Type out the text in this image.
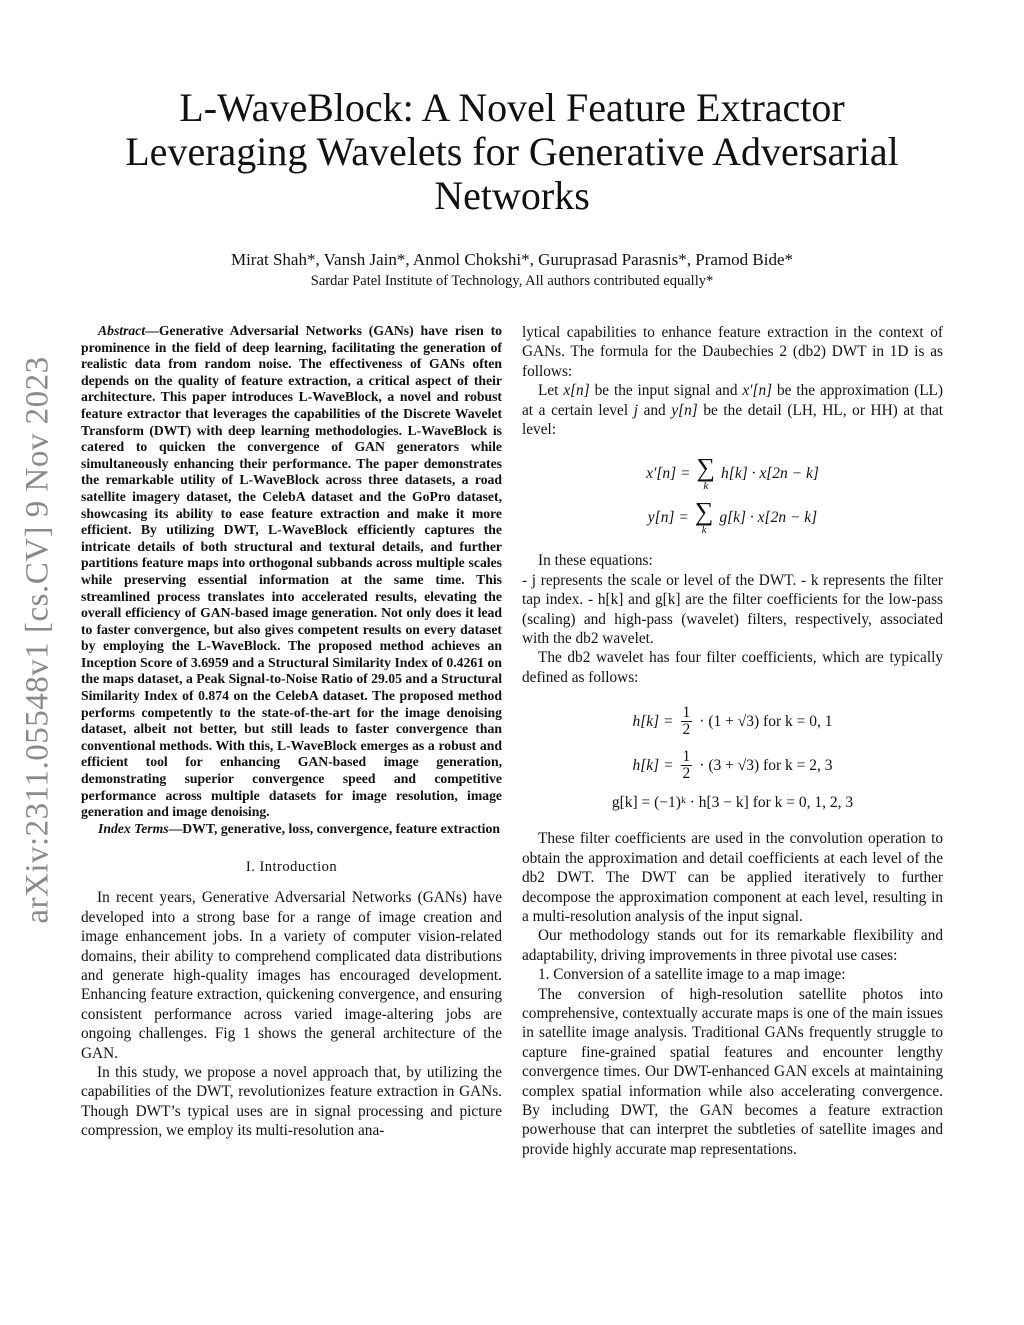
arXiv:2311.05548v1 [cs.CV] 9 Nov 2023
L-WaveBlock: A Novel Feature Extractor Leveraging Wavelets for Generative Adversarial Networks
Mirat Shah*, Vansh Jain*, Anmol Chokshi*, Guruprasad Parasnis*, Pramod Bide*
Sardar Patel Institute of Technology, All authors contributed equally*

Abstract—Generative Adversarial Networks (GANs) have risen to prominence in the field of deep learning, facilitating the generation of realistic data from random noise. The effectiveness of GANs often depends on the quality of feature extraction, a critical aspect of their architecture. This paper introduces L-WaveBlock, a novel and robust feature extractor that leverages the capabilities of the Discrete Wavelet Transform (DWT) with deep learning methodologies. L-WaveBlock is catered to quicken the convergence of GAN generators while simultaneously enhancing their performance. The paper demonstrates the remarkable utility of L-WaveBlock across three datasets, a road satellite imagery dataset, the CelebA dataset and the GoPro dataset, showcasing its ability to ease feature extraction and make it more efficient. By utilizing DWT, L-WaveBlock efficiently captures the intricate details of both structural and textural details, and further partitions feature maps into orthogonal subbands across multiple scales while preserving essential information at the same time. This streamlined process translates into accelerated results, elevating the overall efficiency of GAN-based image generation. Not only does it lead to faster convergence, but also gives competent results on every dataset by employing the L-WaveBlock. The proposed method achieves an Inception Score of 3.6959 and a Structural Similarity Index of 0.4261 on the maps dataset, a Peak Signal-to-Noise Ratio of 29.05 and a Structural Similarity Index of 0.874 on the CelebA dataset. The proposed method performs competently to the state-of-the-art for the image denoising dataset, albeit not better, but still leads to faster convergence than conventional methods. With this, L-WaveBlock emerges as a robust and efficient tool for enhancing GAN-based image generation, demonstrating superior convergence speed and competitive performance across multiple datasets for image resolution, image generation and image denoising.

Index Terms—DWT, generative, loss, convergence, feature extraction

I. Introduction

In recent years, Generative Adversarial Networks (GANs) have developed into a strong base for a range of image creation and image enhancement jobs. In a variety of computer vision-related domains, their ability to comprehend complicated data distributions and generate high-quality images has encouraged development. Enhancing feature extraction, quickening convergence, and ensuring consistent performance across varied image-altering jobs are ongoing challenges. Fig 1 shows the general architecture of the GAN.

In this study, we propose a novel approach that, by utilizing the capabilities of the DWT, revolutionizes feature extraction in GANs. Though DWT’s typical uses are in signal processing and picture compression, we employ its multi-resolution ana-

lytical capabilities to enhance feature extraction in the context of GANs. The formula for the Daubechies 2 (db2) DWT in 1D is as follows:

Let x[n] be the input signal and x′[n] be the approximation (LL) at a certain level j and y[n] be the detail (LH, HL, or HH) at that level:

x′[n] = ∑
k
h[k] · x[2n − k]
y[n] = ∑
k
g[k] · x[2n − k]

In these equations:

- j represents the scale or level of the DWT. - k represents the filter tap index. - h[k] and g[k] are the filter coefficients for the low-pass (scaling) and high-pass (wavelet) filters, respectively, associated with the db2 wavelet.

The db2 wavelet has four filter coefficients, which are typically defined as follows:

$h[k] = \frac{1}{2} \cdot (1 + √3)$ for k = 0, 1
$h[k] = \frac{1}{2} \cdot (3 + √3)$ for k = 2, 3
g[k] = (−1)ᵏ · h[3 − k] for k = 0, 1, 2, 3

These filter coefficients are used in the convolution operation to obtain the approximation and detail coefficients at each level of the db2 DWT. The DWT can be applied iteratively to further decompose the approximation component at each level, resulting in a multi-resolution analysis of the input signal.

Our methodology stands out for its remarkable flexibility and adaptability, driving improvements in three pivotal use cases:

1. Conversion of a satellite image to a map image:

The conversion of high-resolution satellite photos into comprehensive, contextually accurate maps is one of the main issues in satellite image analysis. Traditional GANs frequently struggle to capture fine-grained spatial features and encounter lengthy convergence times. Our DWT-enhanced GAN excels at maintaining complex spatial information while also accelerating convergence. By including DWT, the GAN becomes a feature extraction powerhouse that can interpret the subtleties of satellite images and provide highly accurate map representations.
